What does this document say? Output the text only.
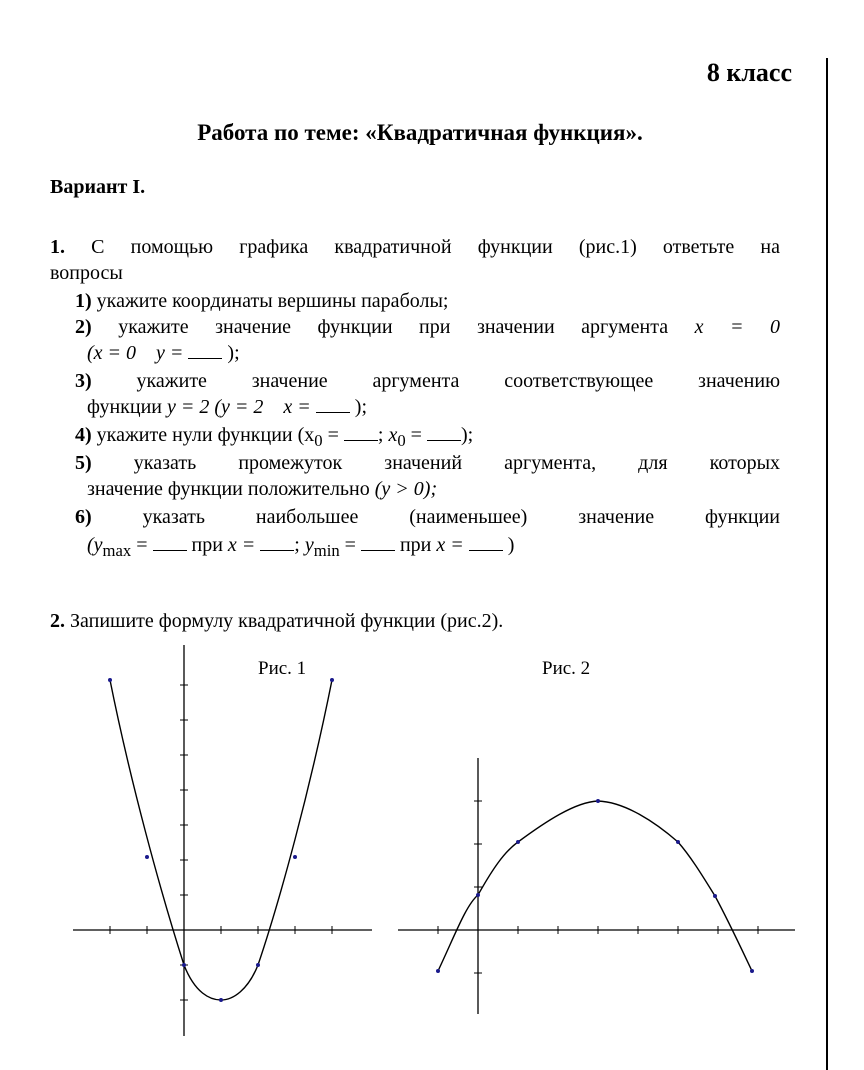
8 класс
Работа по теме: «Квадратичная функция».
Вариант I.
1. С помощью графика квадратичной функции (рис.1) ответьте на
вопросы
1) укажите координаты вершины параболы;
2) укажите значение функции при значении аргумента x = 0
(x = 0 y = );
3) укажите значение аргумента соответствующее значению
функции y = 2 (y = 2 x = );
4) укажите нули функции ($x_0$ = ; $x_0$ = );
5) указать промежуток значений аргумента, для которых
значение функции положительно (y > 0);
6)	указать наибольшее (наименьшее) значение функции
($y_{max}$ = при x = ; $y_{min}$ = при x = )
2. Запишите формулу квадратичной функции (рис.2).
Рис. 1	Рис. 2
